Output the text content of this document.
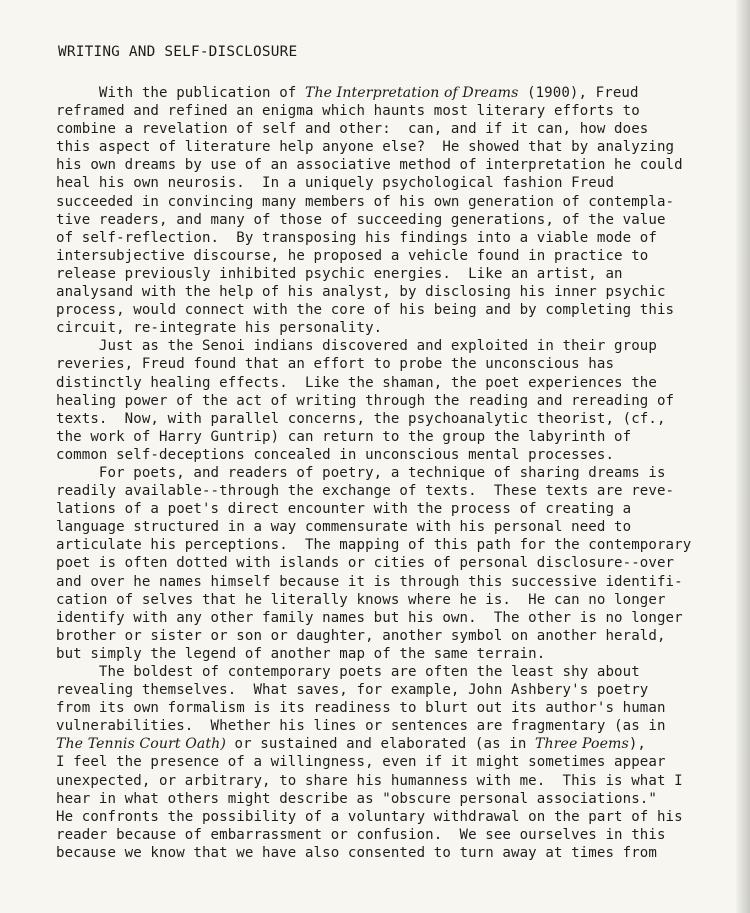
WRITING AND SELF-DISCLOSURE
With the publication of The Interpretation of Dreams (1900), Freud
reframed and refined an enigma which haunts most literary efforts to
combine a revelation of self and other:  can, and if it can, how does
this aspect of literature help anyone else?  He showed that by analyzing
his own dreams by use of an associative method of interpretation he could
heal his own neurosis.  In a uniquely psychological fashion Freud
succeeded in convincing many members of his own generation of contempla-
tive readers, and many of those of succeeding generations, of the value
of self-reflection.  By transposing his findings into a viable mode of
intersubjective discourse, he proposed a vehicle found in practice to
release previously inhibited psychic energies.  Like an artist, an
analysand with the help of his analyst, by disclosing his inner psychic
process, would connect with the core of his being and by completing this
circuit, re-integrate his personality.
Just as the Senoi indians discovered and exploited in their group
reveries, Freud found that an effort to probe the unconscious has
distinctly healing effects.  Like the shaman, the poet experiences the
healing power of the act of writing through the reading and rereading of
texts.  Now, with parallel concerns, the psychoanalytic theorist, (cf.,
the work of Harry Guntrip) can return to the group the labyrinth of
common self-deceptions concealed in unconscious mental processes.
For poets, and readers of poetry, a technique of sharing dreams is
readily available--through the exchange of texts.  These texts are reve-
lations of a poet's direct encounter with the process of creating a
language structured in a way commensurate with his personal need to
articulate his perceptions.  The mapping of this path for the contemporary
poet is often dotted with islands or cities of personal disclosure--over
and over he names himself because it is through this successive identifi-
cation of selves that he literally knows where he is.  He can no longer
identify with any other family names but his own.  The other is no longer
brother or sister or son or daughter, another symbol on another herald,
but simply the legend of another map of the same terrain.
The boldest of contemporary poets are often the least shy about
revealing themselves.  What saves, for example, John Ashbery's poetry
from its own formalism is its readiness to blurt out its author's human
vulnerabilities.  Whether his lines or sentences are fragmentary (as in
The Tennis Court Oath) or sustained and elaborated (as in Three Poems),
I feel the presence of a willingness, even if it might sometimes appear
unexpected, or arbitrary, to share his humanness with me.  This is what I
hear in what others might describe as "obscure personal associations."
He confronts the possibility of a voluntary withdrawal on the part of his
reader because of embarrassment or confusion.  We see ourselves in this
because we know that we have also consented to turn away at times from
